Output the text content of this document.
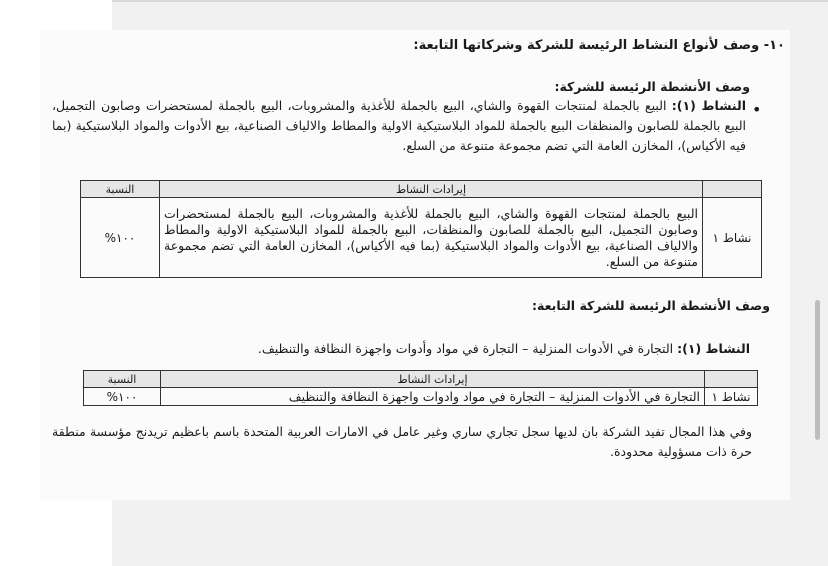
١٠- وصف لأنواع النشاط الرئيسة للشركة وشركاتها التابعة:
وصف الأنشطة الرئيسة للشركة:
•
النشاط (١): البيع بالجملة لمنتجات القهوة والشاي، البيع بالجملة للأغذية والمشروبات، البيع بالجملة لمستحضرات وصابون التجميل، البيع بالجملة للصابون والمنظفات البيع بالجملة للمواد البلاستيكية الاولية والمطاط والالياف الصناعية، بيع الأدوات والمواد البلاستيكية (بما فيه الأكياس)، المخازن العامة التي تضم مجموعة متنوعة من السلع.
	إيرادات النشاط	النسبة
نشاط ١	البيع بالجملة لمنتجات القهوة والشاي، البيع بالجملة للأغذية والمشروبات، البيع بالجملة لمستحضرات وصابون التجميل، البيع بالجملة للصابون والمنظفات، البيع بالجملة للمواد البلاستيكية الاولية والمطاط والالياف الصناعية، بيع الأدوات والمواد البلاستيكية (بما فيه الأكياس)، المخازن العامة التي تضم مجموعة متنوعة من السلع.	١٠٠%
وصف الأنشطة الرئيسة للشركة التابعة:
النشاط (١): التجارة في الأدوات المنزلية – التجارة في مواد وأدوات واجهزة النظافة والتنظيف.
	إيرادات النشاط	النسبة
نشاط ١	التجارة في الأدوات المنزلية – التجارة في مواد وادوات واجهزة النظافة والتنظيف	١٠٠%
وفي هذا المجال تفيد الشركة بان لديها سجل تجاري ساري وغير عامل في الامارات العربية المتحدة باسم باعظيم تريدنج مؤسسة منطقة حرة ذات مسؤولية محدودة.
